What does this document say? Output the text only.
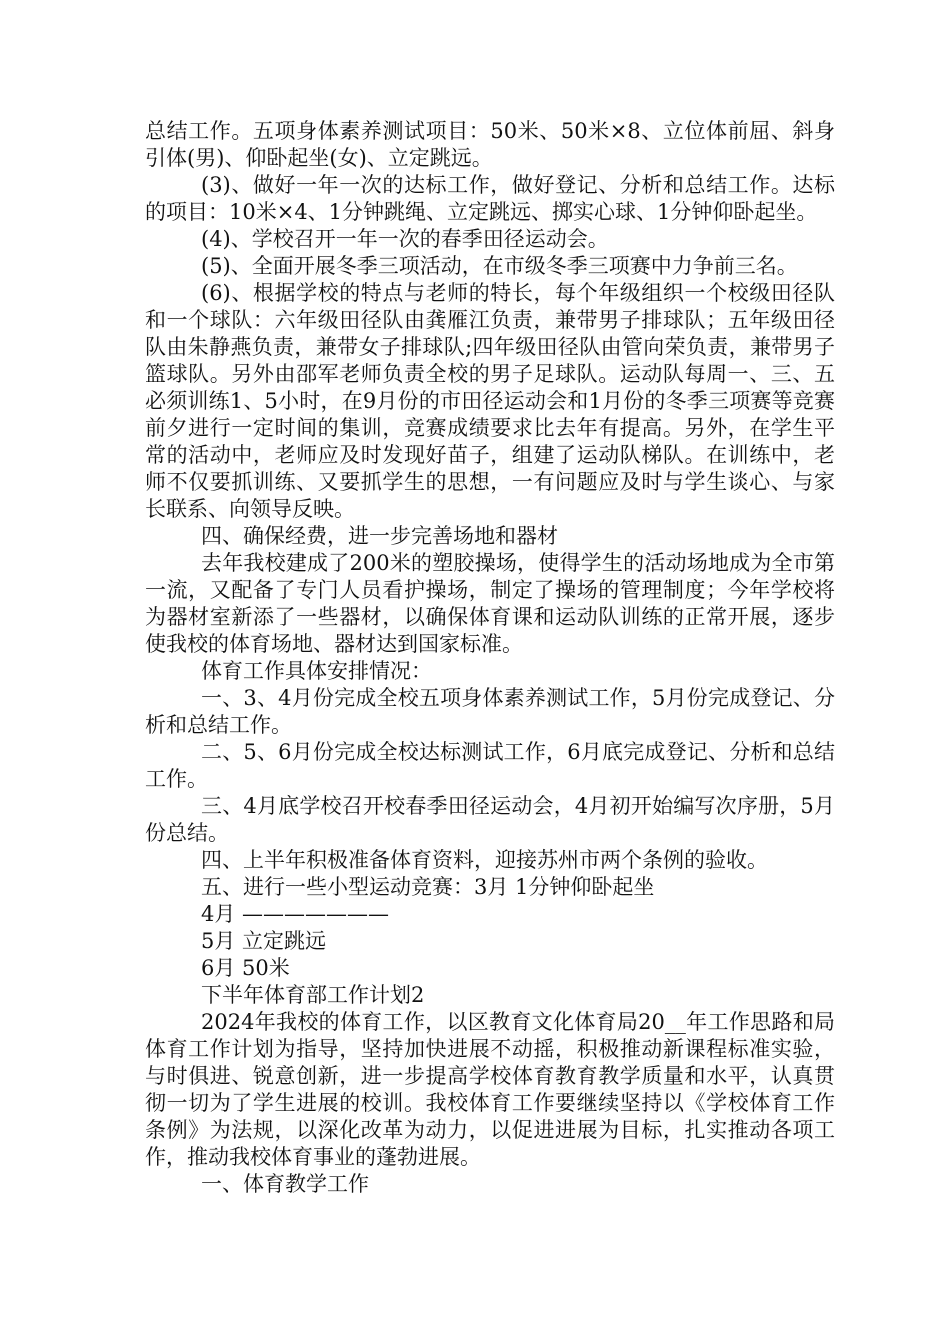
总结工作。五项身体素养测试项目：50米、50米×8、立位体前屈、斜身引体(男)、仰卧起坐(女)、立定跳远。

(3)、做好一年一次的达标工作，做好登记、分析和总结工作。达标的项目：10米×4、1分钟跳绳、立定跳远、掷实心球、1分钟仰卧起坐。

(4)、学校召开一年一次的春季田径运动会。

(5)、全面开展冬季三项活动，在市级冬季三项赛中力争前三名。

(6)、根据学校的特点与老师的特长，每个年级组织一个校级田径队和一个球队：六年级田径队由龚雁江负责，兼带男子排球队；五年级田径队由朱静燕负责，兼带女子排球队;四年级田径队由管向荣负责，兼带男子篮球队。另外由邵军老师负责全校的男子足球队。运动队每周一、三、五必须训练1、5小时，在9月份的市田径运动会和1月份的冬季三项赛等竞赛前夕进行一定时间的集训，竞赛成绩要求比去年有提高。另外，在学生平常的活动中，老师应及时发现好苗子，组建了运动队梯队。在训练中，老师不仅要抓训练、又要抓学生的思想，一有问题应及时与学生谈心、与家长联系、向领导反映。

四、确保经费，进一步完善场地和器材

去年我校建成了200米的塑胶操场，使得学生的活动场地成为全市第一流，又配备了专门人员看护操场，制定了操场的管理制度；今年学校将为器材室新添了一些器材，以确保体育课和运动队训练的正常开展，逐步使我校的体育场地、器材达到国家标准。

体育工作具体安排情况：

一、3、4月份完成全校五项身体素养测试工作，5月份完成登记、分析和总结工作。

二、5、6月份完成全校达标测试工作，6月底完成登记、分析和总结工作。

三、4月底学校召开校春季田径运动会，4月初开始编写次序册，5月份总结。

四、上半年积极准备体育资料，迎接苏州市两个条例的验收。

五、进行一些小型运动竞赛：3月 1分钟仰卧起坐

4月 ———————

5月 立定跳远

6月 50米

下半年体育部工作计划2

2024年我校的体育工作，以区教育文化体育局20__年工作思路和局体育工作计划为指导，坚持加快进展不动摇，积极推动新课程标准实验，与时俱进、锐意创新，进一步提高学校体育教育教学质量和水平，认真贯彻一切为了学生进展的校训。我校体育工作要继续坚持以《学校体育工作条例》为法规，以深化改革为动力，以促进进展为目标，扎实推动各项工作，推动我校体育事业的蓬勃进展。

一、体育教学工作
